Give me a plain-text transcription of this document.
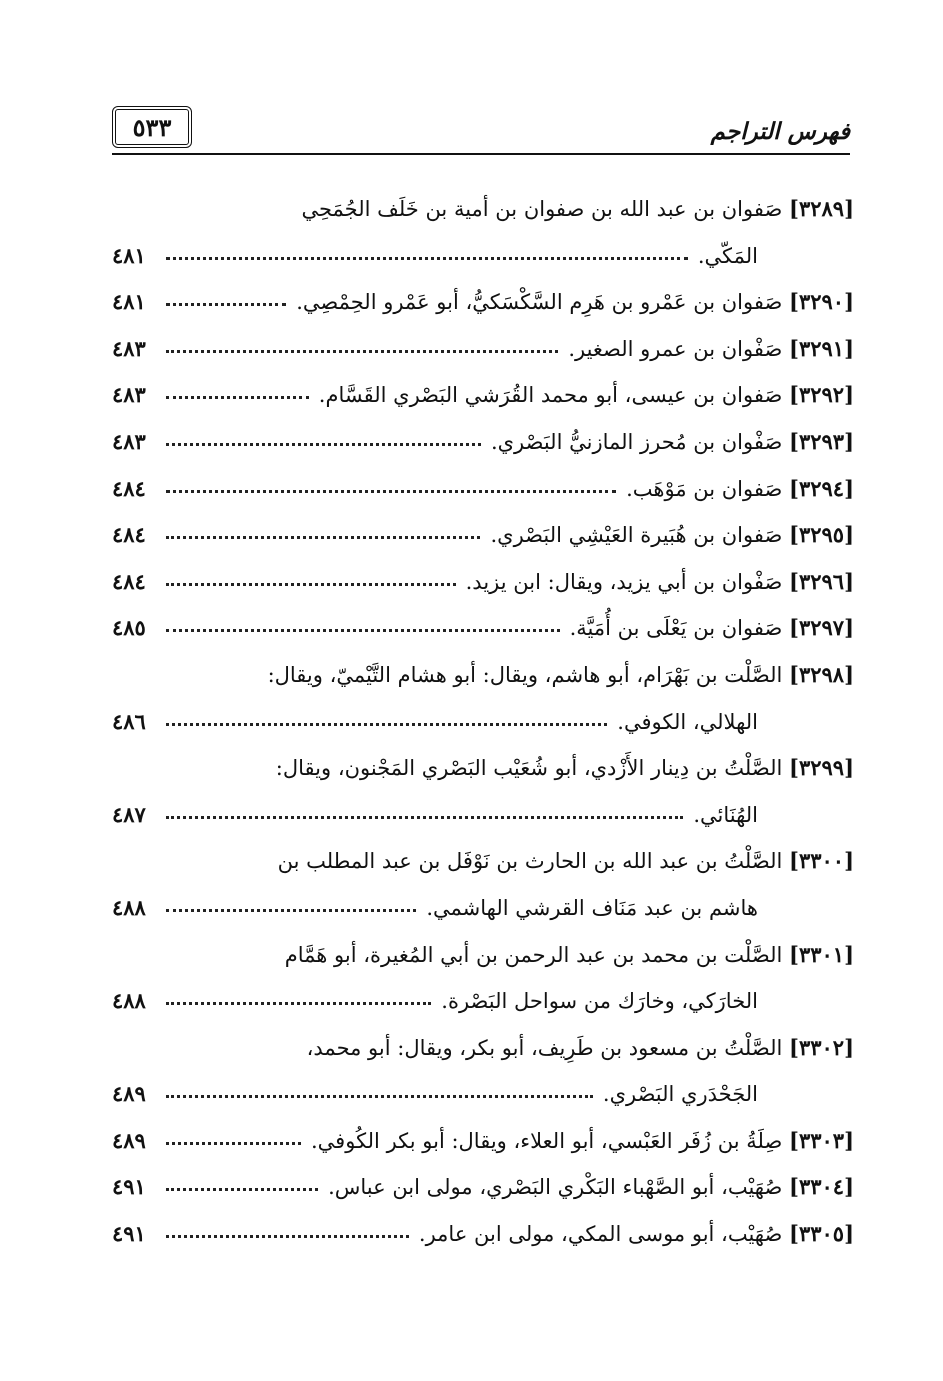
٥٣٣	فهرس التراجم
[٣٢٨٩] صَفوان بن عبد الله بن صفوان بن أمية بن خَلَف الجُمَحِي
المَكّي.
٤٨١
[٣٢٩٠] صَفوان بن عَمْرو بن هَرِم السَّكْسَكيُّ، أبو عَمْرو الحِمْصِي.
٤٨١
[٣٢٩١] صَفْوان بن عمرو الصغير.
٤٨٣
[٣٢٩٢] صَفوان بن عيسى، أبو محمد القُرَشي البَصْري القَسَّام.
٤٨٣
[٣٢٩٣] صَفْوان بن مُحرز المازنيُّ البَصْري.
٤٨٣
[٣٢٩٤] صَفوان بن مَوْهَب.
٤٨٤
[٣٢٩٥] صَفوان بن هُبَيرة العَيْشِي البَصْري.
٤٨٤
[٣٢٩٦] صَفْوان بن أبي يزيد، ويقال: ابن يزيد.
٤٨٤
[٣٢٩٧] صَفوان بن يَعْلَى بن أُمَيَّة.
٤٨٥
[٣٢٩٨] الصَّلْت بن بَهْرَام، أبو هاشم، ويقال: أبو هشام التَّيْميّ، ويقال:
الهلالي، الكوفي.
٤٨٦
[٣٢٩٩] الصَّلْتُ بن دِينار الأَزْدي، أبو شُعَيْب البَصْري المَجْنون، ويقال:
الهُنَائي.
٤٨٧
[٣٣٠٠] الصَّلْتُ بن عبد الله بن الحارث بن نَوْفَل بن عبد المطلب بن
هاشم بن عبد مَنَاف القرشي الهاشمي.
٤٨٨
[٣٣٠١] الصَّلْت بن محمد بن عبد الرحمن بن أبي المُغيرة، أبو هَمَّام
الخارَكي، وخارَك من سواحل البَصْرة.
٤٨٨
[٣٣٠٢] الصَّلْتُ بن مسعود بن طَرِيف، أبو بكر، ويقال: أبو محمد،
الجَحْدَري البَصْري.
٤٨٩
[٣٣٠٣] صِلَةُ بن زُفَر العَبْسي، أبو العلاء، ويقال: أبو بكر الكُوفي.
٤٨٩
[٣٣٠٤] صُهَيْب، أبو الصَّهْباء البَكْري البَصْري، مولى ابن عباس.
٤٩١
[٣٣٠٥] صُهَيْب، أبو موسى المكي، مولى ابن عامر.
٤٩١
